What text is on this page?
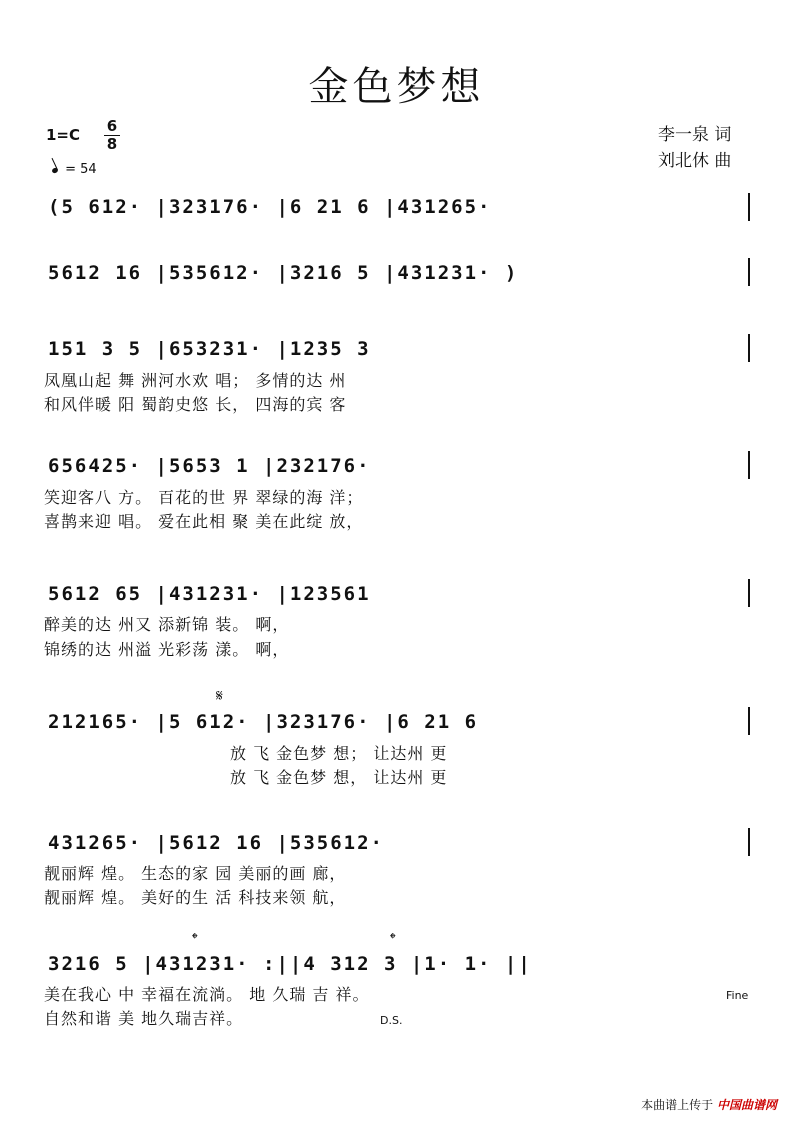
金色梦想
$1=C \frac{6}{8}$
= 54
李一泉 词
刘北休 曲
(5 612· |323176· |6 21 6 |431265·
5612 16 |535612· |3216 5 |431231· )
151 3 5 |653231· |1235 3
凤凰山起 舞 洲河水欢 唱； 多情的达 州
和风伴暖 阳 蜀韵史悠 长， 四海的宾 客
656425· |5653 1 |232176·
笑迎客八 方。 百花的世 界 翠绿的海 洋；
喜鹊来迎 唱。 爱在此相 聚 美在此绽 放，
5612 65 |431231· |123561
醉美的达 州又 添新锦 装。 啊，
锦绣的达 州溢 光彩荡 漾。 啊，
𝄋
212165· |5 612· |323176· |6 21 6
放 飞 金色梦 想； 让达州 更
放 飞 金色梦 想， 让达州 更
431265· |5612 16 |535612·
靓丽辉 煌。 生态的家 园 美丽的画 廊，
靓丽辉 煌。 美好的生 活 科技来领 航，
𝄌	𝄌
3216 5 |431231· :||4 312 3 |1· 1· ||
美在我心 中 幸福在流淌。 地 久瑞 吉 祥。
自然和谐 美 地久瑞吉祥。
Fine
D.S.
本曲谱上传于 中国曲谱网
